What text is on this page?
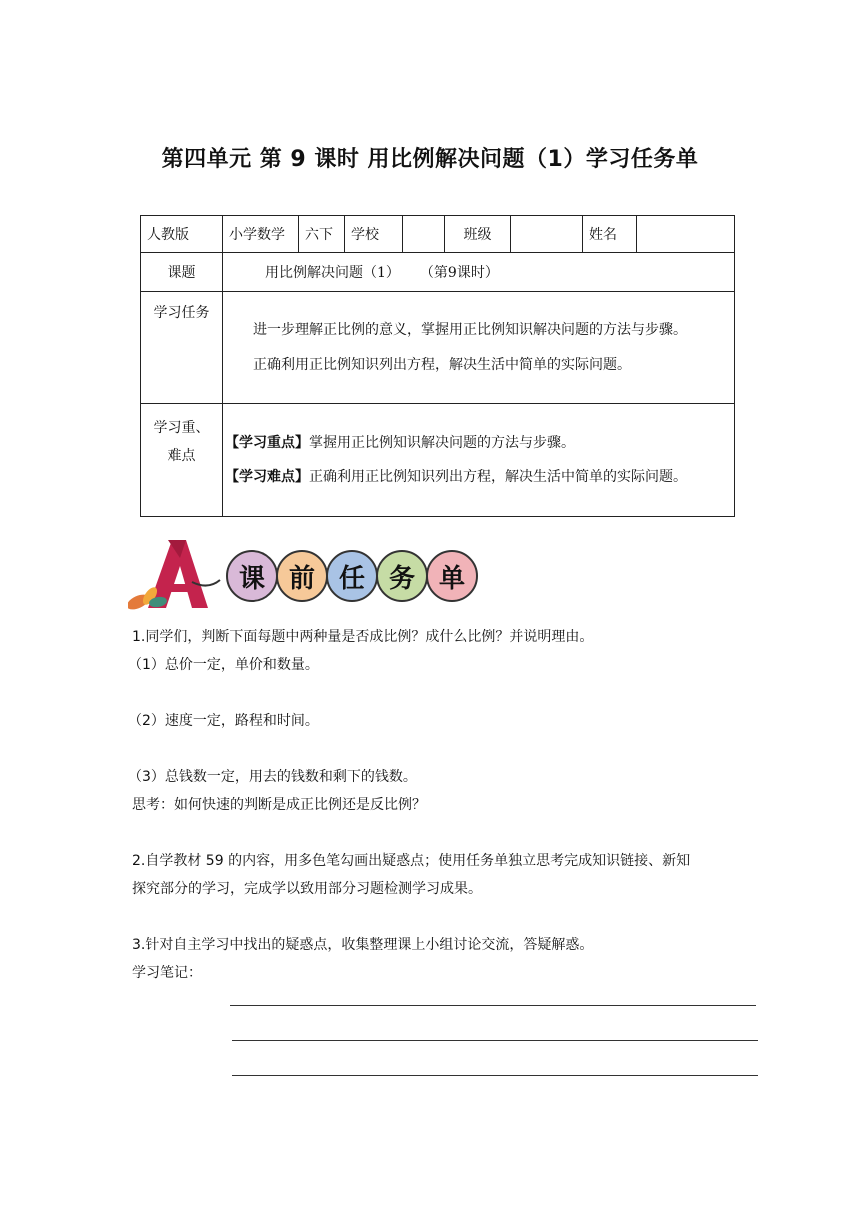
第四单元 第 9 课时 用比例解决问题（1）学习任务单
人教版	小学数学	六下	学校		班级		姓名	
课题	用比例解决问题（1） （第9课时）							
学习任务	进一步理解正比例的意义，掌握用正比例知识解决问题的方法与步骤。

正确利用正比例知识列出方程，解决生活中简单的实际问题。							

学习重、难点	【学习重点】掌握用正比例知识解决问题的方法与步骤。
【学习难点】正确利用正比例知识列出方程，解决生活中简单的实际问题。							
课 前 任 务 单
1.同学们，判断下面每题中两种量是否成比例？成什么比例？并说明理由。
（1）总价一定，单价和数量。
（2）速度一定，路程和时间。
（3）总钱数一定，用去的钱数和剩下的钱数。
思考：如何快速的判断是成正比例还是反比例？
2.自学教材 59 的内容，用多色笔勾画出疑惑点；使用任务单独立思考完成知识链接、新知
探究部分的学习，完成学以致用部分习题检测学习成果。
3.针对自主学习中找出的疑惑点，收集整理课上小组讨论交流，答疑解惑。
学习笔记：
